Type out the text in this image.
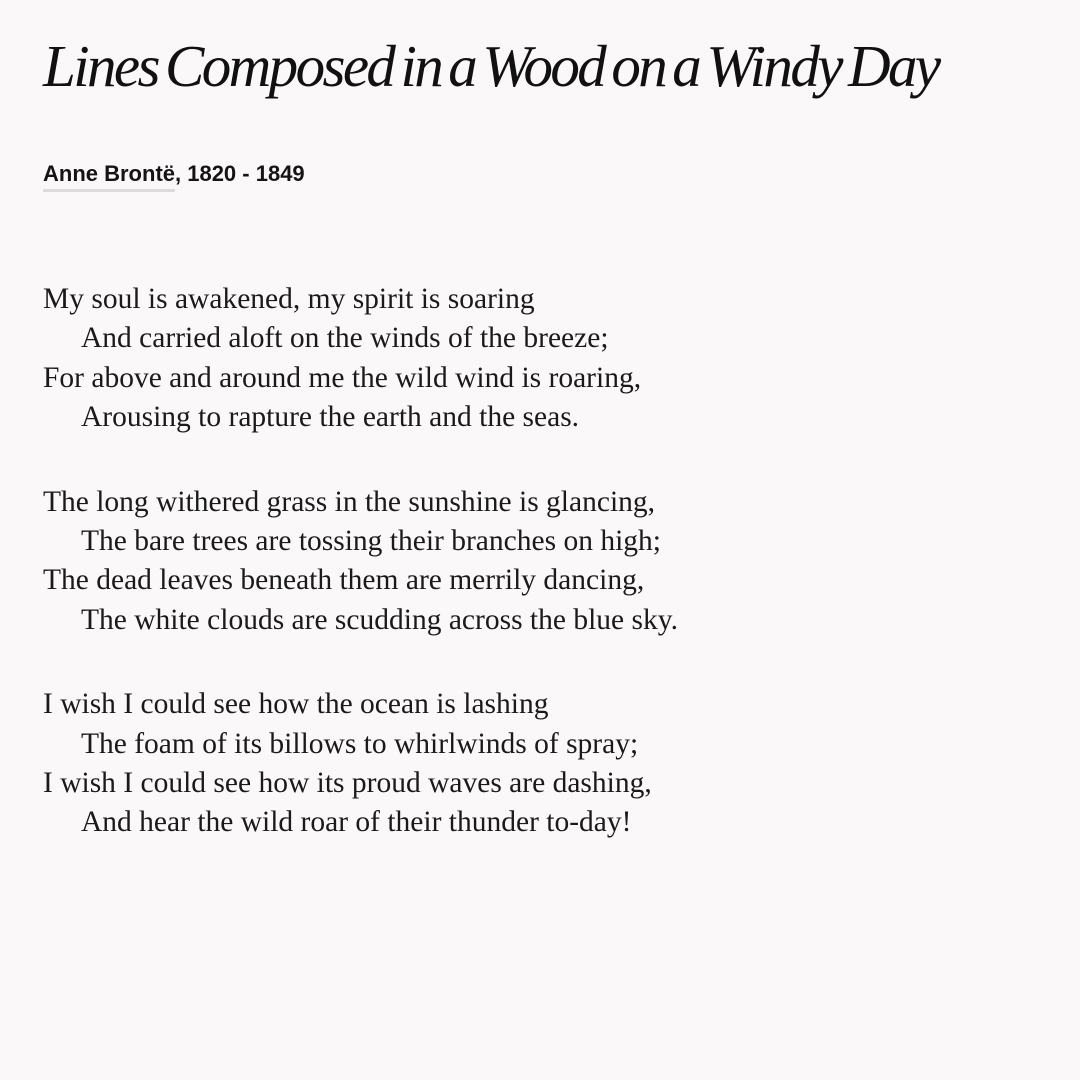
Lines Composed in a Wood on a Windy Day
Anne Brontë, 1820 - 1849
My soul is awakened, my spirit is soaring
And carried aloft on the winds of the breeze;
For above and around me the wild wind is roaring,
Arousing to rapture the earth and the seas.
The long withered grass in the sunshine is glancing,
The bare trees are tossing their branches on high;
The dead leaves beneath them are merrily dancing,
The white clouds are scudding across the blue sky.
I wish I could see how the ocean is lashing
The foam of its billows to whirlwinds of spray;
I wish I could see how its proud waves are dashing,
And hear the wild roar of their thunder to-day!
